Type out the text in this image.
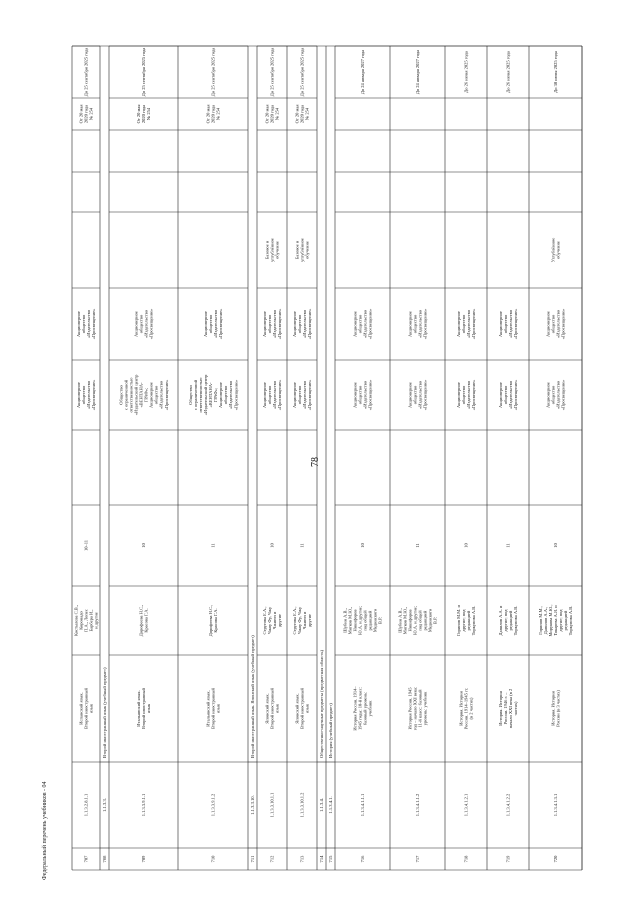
78
Федеральный перечень учебников - 04	707
1.1.3.2.8.1.1
Испанский язык.Второй иностранныйязык
Костылева С.В.,КоронадоП.А., ЛопесБарбера И.,и другие
10–11
Акционерноеобщество«Издательство«Просвещение»
Акционерноеобщество«Издательство«Просвещение»
От 20 мая2020 года№ 254
До 25 сентября 2025 года
708
1.1.3.3.
Второй иностранный язык (учебный предмет)
709
1.1.3.3.9.1.1
Итальянский язык.Второй иностранныйязык
Дорофеева Н.С.,Красова Г.А.
10
Обществос ограниченнойответственностью«Издательский центр«ВЕНТАНА-ГРАФ»;Акционерноеобщество«Издательство«Просвещение»
Акционерноеобщество«Издательство«Просвещение»
От 20 мая2020 года№ 254
До 25 сентября 2025 года
710
1.1.3.3.9.1.2
Итальянский язык.Второй иностранныйязык
Дорофеева Н.С.,Красова Г.А.
11
Обществос ограниченнойответственностью«Издательский центр«ВЕНТАНА-ГРАФ»;Акционерноеобщество«Издательство«Просвещение»
Акционерноеобщество«Издательство«Просвещение»
От 20 мая2020 года№ 254
До 25 сентября 2025 года
711
1.1.3.3.10.
Второй иностранный язык. Японский язык (учебный предмет)
712
1.1.3.3.10.1.1
Японский язык.Второй иностранныйязык
Стругова Е.А.,Чжоу Фу, ЧжуЧжиюн идругие
10
Акционерноеобщество«Издательство«Просвещение»
Акционерноеобщество«Издательство«Просвещение»
Базовое иуглублённоеобучение
От 20 мая2020 года№ 254
До 25 сентября 2025 года
713
1.1.3.3.10.1.2
Японский язык.Второй иностранныйязык
Стругова Е.А.,Чжоу Фу, ЧжуЧжиюн идругие
11
Акционерноеобщество«Издательство«Просвещение»
Акционерноеобщество«Издательство«Просвещение»
Базовое иуглублённоеобучение
От 20 мая2020 года№ 254
До 25 сентября 2025 года
714
1.1.3.4.
Общественно-научные предметы (предметная область)
715
1.1.3.4.1.
История (учебный предмет)
716
1.1.3.4.1.1.1
История России. 1914–1945 годы: 10-й класс:базовый уровень:учебник
Шубин А.В.,Мягков М.Ю.,НикифоровЮ.А. и другие;под общейредакциейМединскогоВ.Р.
10
Акционерноеобщество«Издательство«Просвещение»
Акционерноеобщество«Издательство«Просвещение»
До 24 января 2027 года
717
1.1.3.4.1.1.2
История России. 1945год – начало XXI века:11-й класс: базовыйуровень: учебник
Шубин А.В.,Мягков М.Ю.,НикифоровЮ.А. и другие;под общейредакциейМединскогоВ.Р.
11
Акционерноеобщество«Издательство«Просвещение»
Акционерноеобщество«Издательство«Просвещение»
До 24 января 2027 года
718
1.1.3.4.1.2.1
История. ИсторияРоссии. 1914–1945 гг.(в 2 частях)
Горинов М.М. идругие; подредакциейТоркунова А.В.
10
Акционерноеобщество«Издательство«Просвещение»
Акционерноеобщество«Издательство«Просвещение»
До 26 июня 2025 года
719
1.1.3.4.1.2.2
История. ИсторияРоссии. 1946 г. –начало XXI века (в 2частях)
Данилов А.А. идругие; подредакциейТоркунова А.В.
11
Акционерноеобщество«Издательство«Просвещение»
Акционерноеобщество«Издательство«Просвещение»
До 26 июня 2025 года
720
1.1.3.4.1.3.1
История. ИсторияРоссии (в 3 частях)
Горинов М.М.,Данилов А.А.,Морукова М.Ю.,Токарева А.Я. идругие; подредакциейТоркунова А.В.
10
Акционерноеобщество«Издательство«Просвещение»
Акционерноеобщество«Издательство«Просвещение»
Углублённоеобучение
До 30 июня 2025 года
